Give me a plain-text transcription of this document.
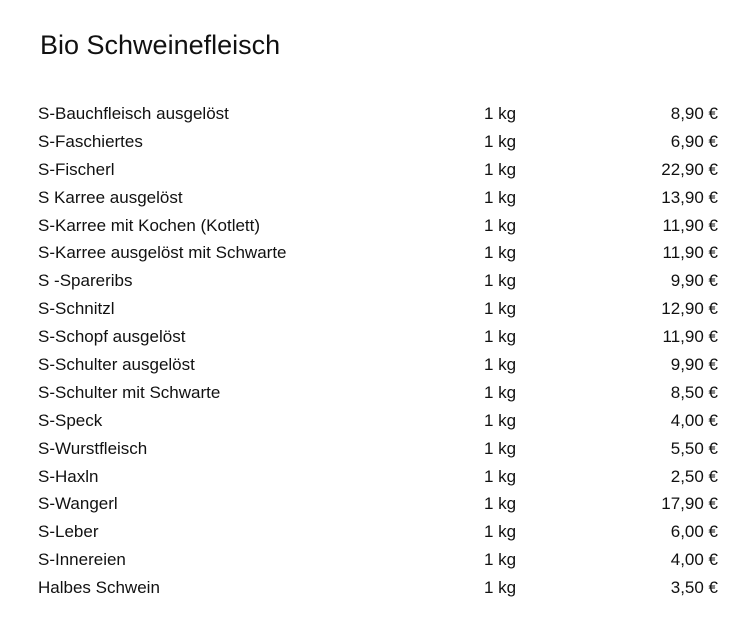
Bio Schweinefleisch
S-Bauchfleisch ausgelöst	1 kg	8,90 €
S-Faschiertes	1 kg	6,90 €
S-Fischerl	1 kg	22,90 €
S Karree ausgelöst	1 kg	13,90 €
S-Karree mit Kochen (Kotlett)	1 kg	11,90 €
S-Karree ausgelöst mit Schwarte	1 kg	11,90 €
S -Spareribs	1 kg	9,90 €
S-Schnitzl	1 kg	12,90 €
S-Schopf ausgelöst	1 kg	11,90 €
S-Schulter ausgelöst	1 kg	9,90 €
S-Schulter mit Schwarte	1 kg	8,50 €
S-Speck	1 kg	4,00 €
S-Wurstfleisch	1 kg	5,50 €
S-Haxln	1 kg	2,50 €
S-Wangerl	1 kg	17,90 €
S-Leber	1 kg	6,00 €
S-Innereien	1 kg	4,00 €
Halbes Schwein	1 kg	3,50 €
